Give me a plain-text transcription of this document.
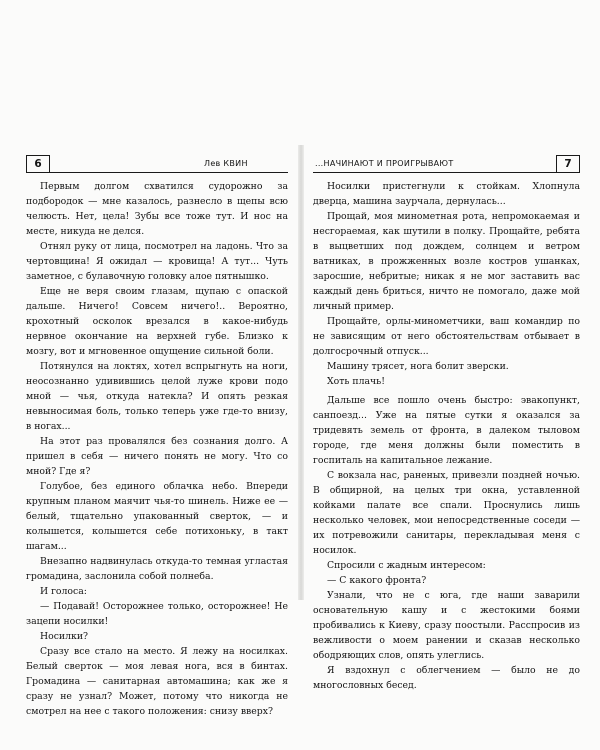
6	Лев КВИН

Первым долгом схватился судорожно за подбородок — мне казалось, разнесло в щепы всю челюсть. Нет, цела! Зубы все тоже тут. И нос на месте, никуда не делся.

Отнял руку от лица, посмотрел на ладонь. Что за чертовщина! Я ожидал — кровища! А тут... Чуть заметное, с булавочную головку алое пятнышко.

Еще не веря своим глазам, щупаю с опаской дальше. Ничего! Совсем ничего!.. Вероятно, крохотный осколок врезался в какое-нибудь нервное окончание на верхней губе. Близко к мозгу, вот и мгновенное ощущение сильной боли.

Потянулся на локтях, хотел вспрыгнуть на ноги, неосознанно удивившись целой луже крови подо мной — чья, откуда натекла? И опять резкая невыносимая боль, только теперь уже где-то внизу, в ногах...

На этот раз провалялся без сознания долго. А пришел в себя — ничего понять не могу. Что со мной? Где я?

Голубое, без единого облачка небо. Впереди крупным планом маячит чья-то шинель. Ниже ее — белый, тщательно упакованный сверток, — и колышется, колышется себе потихоньку, в такт шагам...

Внезапно надвинулась откуда-то темная угластая громадина, заслонила собой полнеба.

И голоса:

— Подавай! Осторожнее только, осторожнее! Не зацепи носилки!

Носилки?

Сразу все стало на место. Я лежу на носилках. Белый сверток — моя левая нога, вся в бинтах. Громадина — санитарная автомашина; как же я сразу не узнал? Может, потому что никогда не смотрел на нее с такого положения: снизу вверх?

...НАЧИНАЮТ И ПРОИГРЫВАЮТ	7

Носилки пристегнули к стойкам. Хлопнула дверца, машина заурчала, дернулась...

Прощай, моя минометная рота, непромокаемая и несгораемая, как шутили в полку. Прощайте, ребята в выцветших под дождем, солнцем и ветром ватниках, в прожженных возле костров ушанках, заросшие, небритые; никак я не мог заставить вас каждый день бриться, ничто не помогало, даже мой личный пример.

Прощайте, орлы-минометчики, ваш командир по не зависящим от него обстоятельствам отбывает в долгосрочный отпуск...

Машину трясет, нога болит зверски.

Хоть плачь!

Дальше все пошло очень быстро: эвакопункт, санпоезд... Уже на пятые сутки я оказался за тридевять земель от фронта, в далеком тыловом городе, где меня должны были поместить в госпиталь на капитальное лежание.

С вокзала нас, раненых, привезли поздней ночью. В общирной, на целых три окна, уставленной койками палате все спали. Проснулись лишь несколько человек, мои непосредственные соседи — их потревожили санитары, перекладывая меня с носилок.

Спросили с жадным интересом:

— С какого фронта?

Узнали, что не с юга, где наши заварили основательную кашу и с жестокими боями пробивались к Киеву, сразу поостыли. Расспросив из вежливости о моем ранении и сказав несколько ободряющих слов, опять улеглись.

Я вздохнул с облегчением — было не до многословных бесед.
